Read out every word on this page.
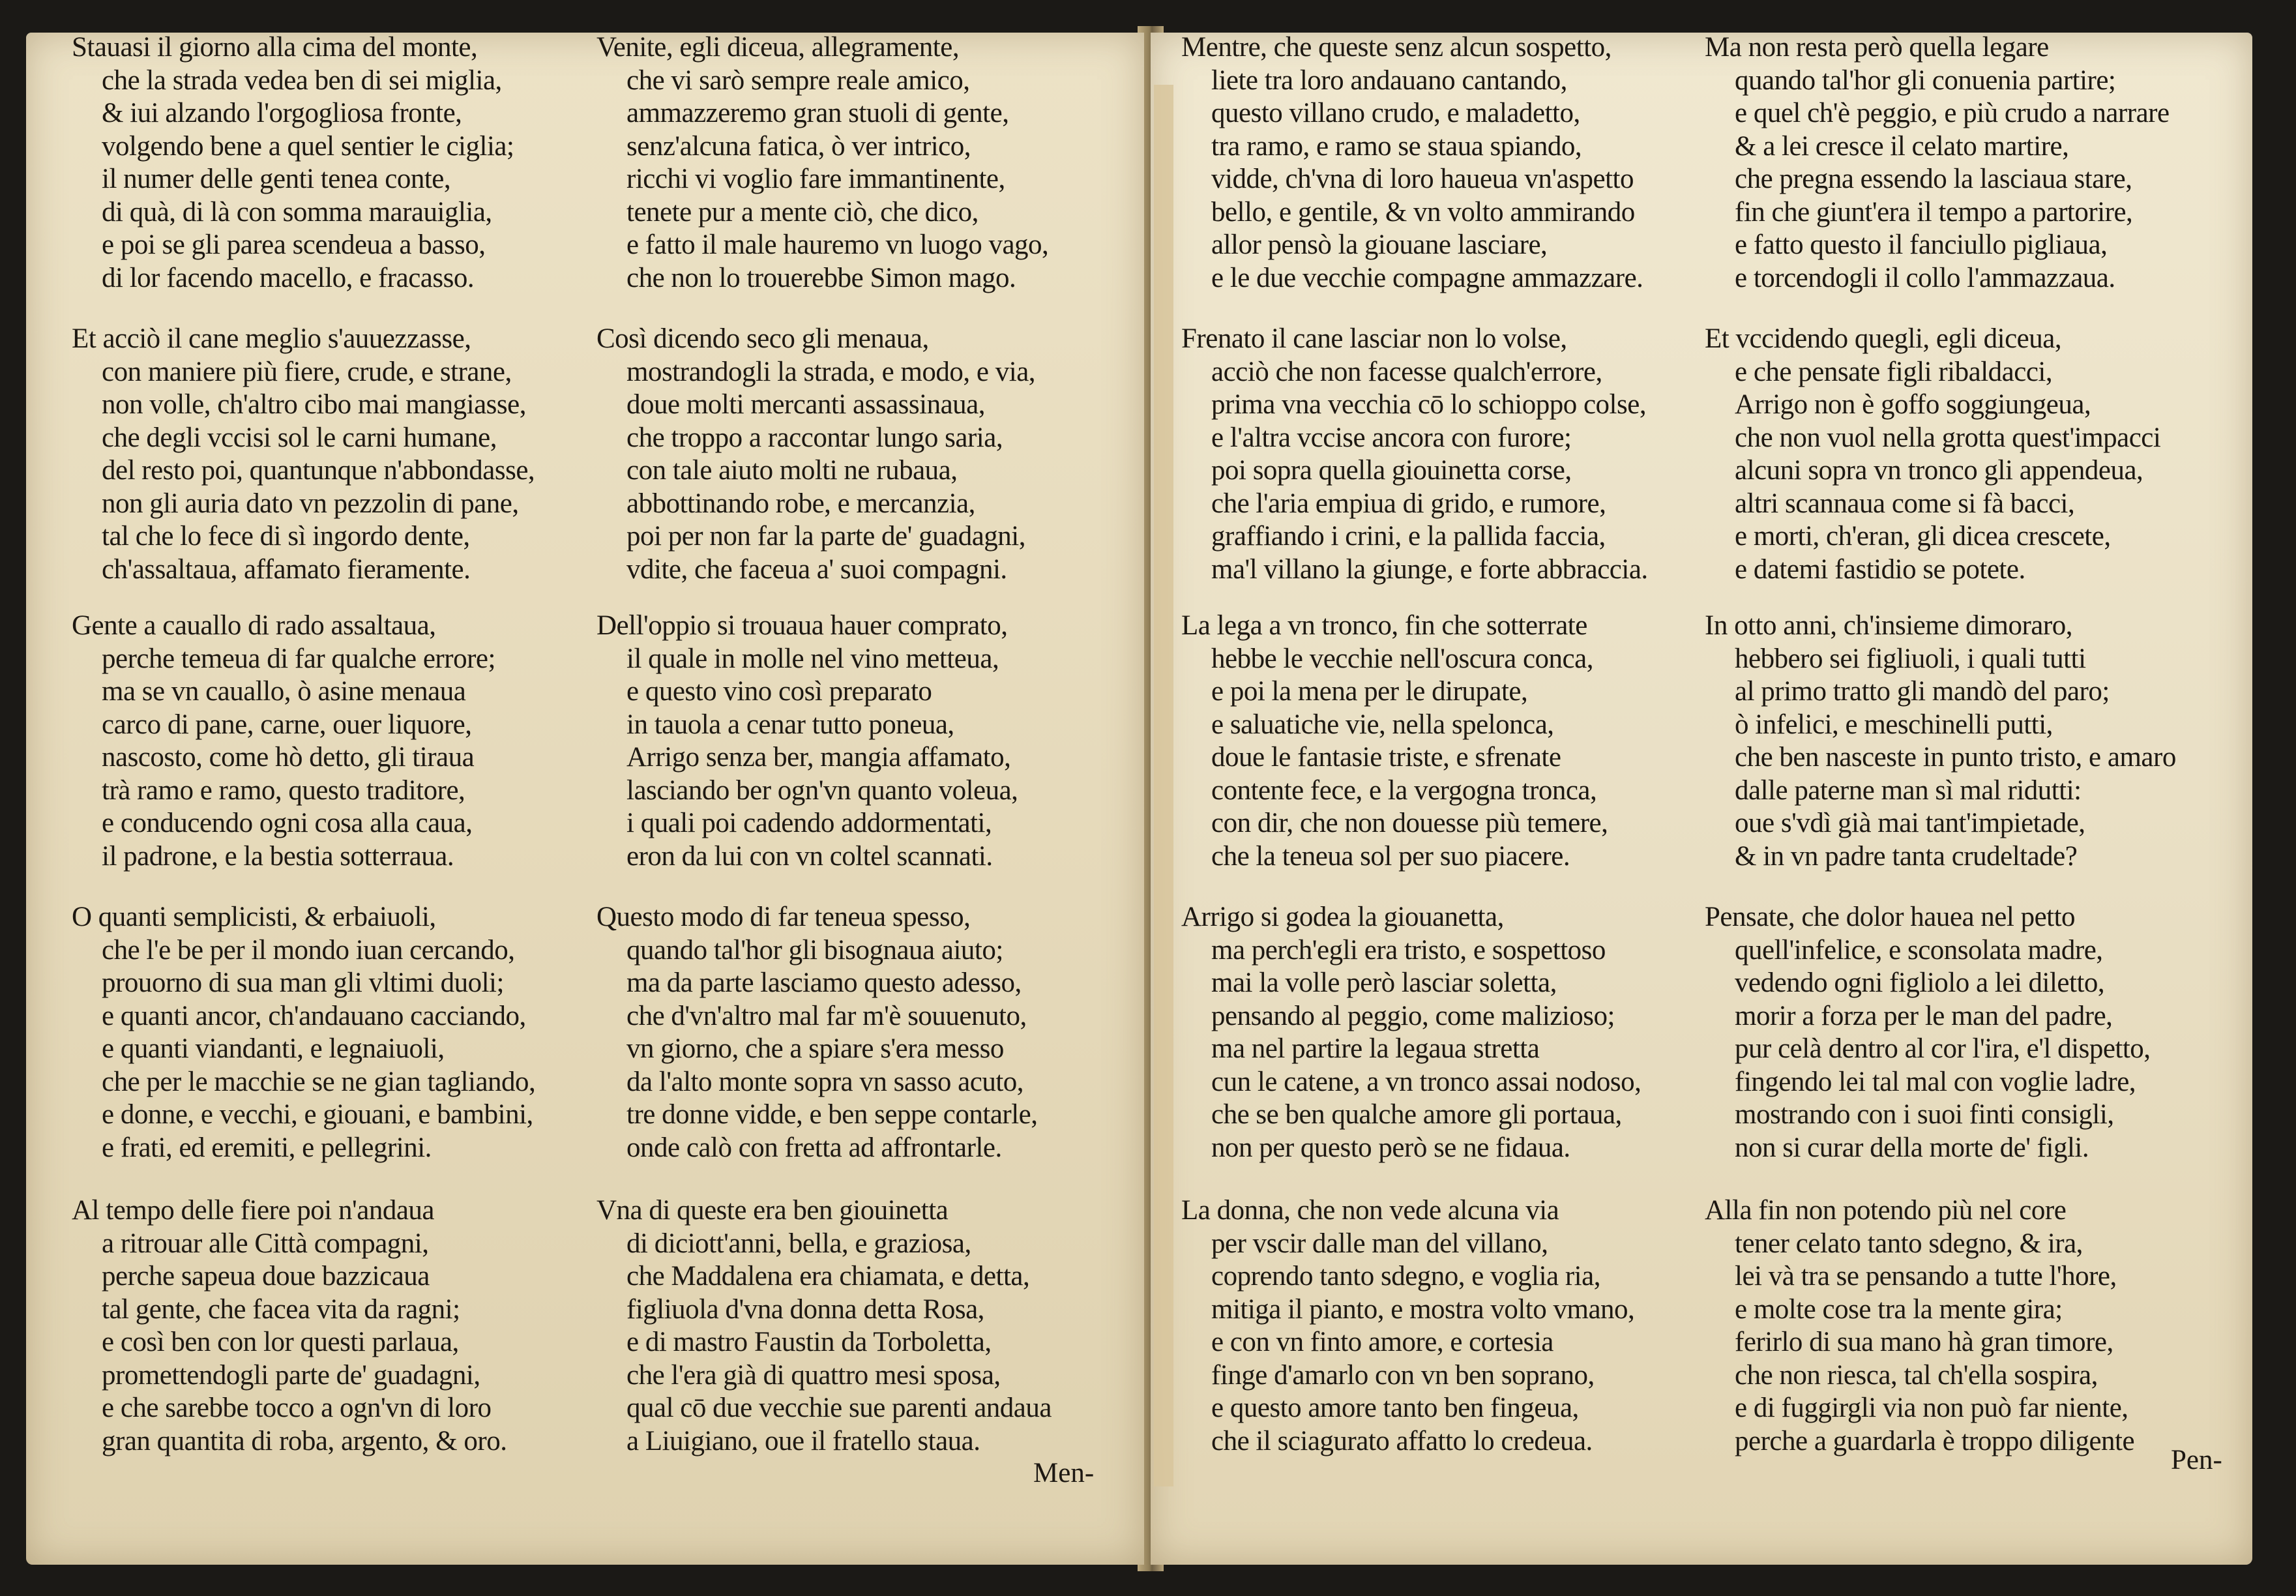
Stauasi il giorno alla cima del monte,
che la strada vedea ben di sei miglia,
& iui alzando l'orgogliosa fronte,
volgendo bene a quel sentier le ciglia;
il numer delle genti tenea conte,
di quà, di là con somma marauiglia,
e poi se gli parea scendeua a basso,
di lor facendo macello, e fracasso.
Et acciò il cane meglio s'auuezzasse,
con maniere più fiere, crude, e strane,
non volle, ch'altro cibo mai mangiasse,
che degli vccisi sol le carni humane,
del resto poi, quantunque n'abbondasse,
non gli auria dato vn pezzolin di pane,
tal che lo fece di sì ingordo dente,
ch'assaltaua, affamato fieramente.
Gente a cauallo di rado assaltaua,
perche temeua di far qualche errore;
ma se vn cauallo, ò asine menaua
carco di pane, carne, ouer liquore,
nascosto, come hò detto, gli tiraua
trà ramo e ramo, questo traditore,
e conducendo ogni cosa alla caua,
il padrone, e la bestia sotterraua.
O quanti semplicisti, & erbaiuoli,
che l'e be per il mondo iuan cercando,
prouorno di sua man gli vltimi duoli;
e quanti ancor, ch'andauano cacciando,
e quanti viandanti, e legnaiuoli,
che per le macchie se ne gian tagliando,
e donne, e vecchi, e giouani, e bambini,
e frati, ed eremiti, e pellegrini.
Al tempo delle fiere poi n'andaua
a ritrouar alle Città compagni,
perche sapeua doue bazzicaua
tal gente, che facea vita da ragni;
e così ben con lor questi parlaua,
promettendogli parte de' guadagni,
e che sarebbe tocco a ogn'vn di loro
gran quantita di roba, argento, & oro.
Venite, egli diceua, allegramente,
che vi sarò sempre reale amico,
ammazzeremo gran stuoli di gente,
senz'alcuna fatica, ò ver intrico,
ricchi vi voglio fare immantinente,
tenete pur a mente ciò, che dico,
e fatto il male hauremo vn luogo vago,
che non lo trouerebbe Simon mago.
Così dicendo seco gli menaua,
mostrandogli la strada, e modo, e via,
doue molti mercanti assassinaua,
che troppo a raccontar lungo saria,
con tale aiuto molti ne rubaua,
abbottinando robe, e mercanzia,
poi per non far la parte de' guadagni,
vdite, che faceua a' suoi compagni.
Dell'oppio si trouaua hauer comprato,
il quale in molle nel vino metteua,
e questo vino così preparato
in tauola a cenar tutto poneua,
Arrigo senza ber, mangia affamato,
lasciando ber ogn'vn quanto voleua,
i quali poi cadendo addormentati,
eron da lui con vn coltel scannati.
Questo modo di far teneua spesso,
quando tal'hor gli bisognaua aiuto;
ma da parte lasciamo questo adesso,
che d'vn'altro mal far m'è souuenuto,
vn giorno, che a spiare s'era messo
da l'alto monte sopra vn sasso acuto,
tre donne vidde, e ben seppe contarle,
onde calò con fretta ad affrontarle.
Vna di queste era ben giouinetta
di diciott'anni, bella, e graziosa,
che Maddalena era chiamata, e detta,
figliuola d'vna donna detta Rosa,
e di mastro Faustin da Torboletta,
che l'era già di quattro mesi sposa,
qual cō due vecchie sue parenti andaua
a Liuigiano, oue il fratello staua.
Mentre, che queste senz alcun sospetto,
liete tra loro andauano cantando,
questo villano crudo, e maladetto,
tra ramo, e ramo se staua spiando,
vidde, ch'vna di loro haueua vn'aspetto
bello, e gentile, & vn volto ammirando
allor pensò la giouane lasciare,
e le due vecchie compagne ammazzare.
Frenato il cane lasciar non lo volse,
acciò che non facesse qualch'errore,
prima vna vecchia cō lo schioppo colse,
e l'altra vccise ancora con furore;
poi sopra quella giouinetta corse,
che l'aria empiua di grido, e rumore,
graffiando i crini, e la pallida faccia,
ma'l villano la giunge, e forte abbraccia.
La lega a vn tronco, fin che sotterrate
hebbe le vecchie nell'oscura conca,
e poi la mena per le dirupate,
e saluatiche vie, nella spelonca,
doue le fantasie triste, e sfrenate
contente fece, e la vergogna tronca,
con dir, che non douesse più temere,
che la teneua sol per suo piacere.
Arrigo si godea la giouanetta,
ma perch'egli era tristo, e sospettoso
mai la volle però lasciar soletta,
pensando al peggio, come malizioso;
ma nel partire la legaua stretta
cun le catene, a vn tronco assai nodoso,
che se ben qualche amore gli portaua,
non per questo però se ne fidaua.
La donna, che non vede alcuna via
per vscir dalle man del villano,
coprendo tanto sdegno, e voglia ria,
mitiga il pianto, e mostra volto vmano,
e con vn finto amore, e cortesia
finge d'amarlo con vn ben soprano,
e questo amore tanto ben fingeua,
che il sciagurato affatto lo credeua.
Ma non resta però quella legare
quando tal'hor gli conuenia partire;
e quel ch'è peggio, e più crudo a narrare
& a lei cresce il celato martire,
che pregna essendo la lasciaua stare,
fin che giunt'era il tempo a partorire,
e fatto questo il fanciullo pigliaua,
e torcendogli il collo l'ammazzaua.
Et vccidendo quegli, egli diceua,
e che pensate figli ribaldacci,
Arrigo non è goffo soggiungeua,
che non vuol nella grotta quest'impacci
alcuni sopra vn tronco gli appendeua,
altri scannaua come si fà bacci,
e morti, ch'eran, gli dicea crescete,
e datemi fastidio se potete.
In otto anni, ch'insieme dimoraro,
hebbero sei figliuoli, i quali tutti
al primo tratto gli mandò del paro;
ò infelici, e meschinelli putti,
che ben nasceste in punto tristo, e amaro
dalle paterne man sì mal ridutti:
oue s'vdì già mai tant'impietade,
& in vn padre tanta crudeltade?
Pensate, che dolor hauea nel petto
quell'infelice, e sconsolata madre,
vedendo ogni figliolo a lei diletto,
morir a forza per le man del padre,
pur celà dentro al cor l'ira, e'l dispetto,
fingendo lei tal mal con voglie ladre,
mostrando con i suoi finti consigli,
non si curar della morte de' figli.
Alla fin non potendo più nel core
tener celato tanto sdegno, & ira,
lei và tra se pensando a tutte l'hore,
e molte cose tra la mente gira;
ferirlo di sua mano hà gran timore,
che non riesca, tal ch'ella sospira,
e di fuggirgli via non può far niente,
perche a guardarla è troppo diligente
Men-	Pen-
